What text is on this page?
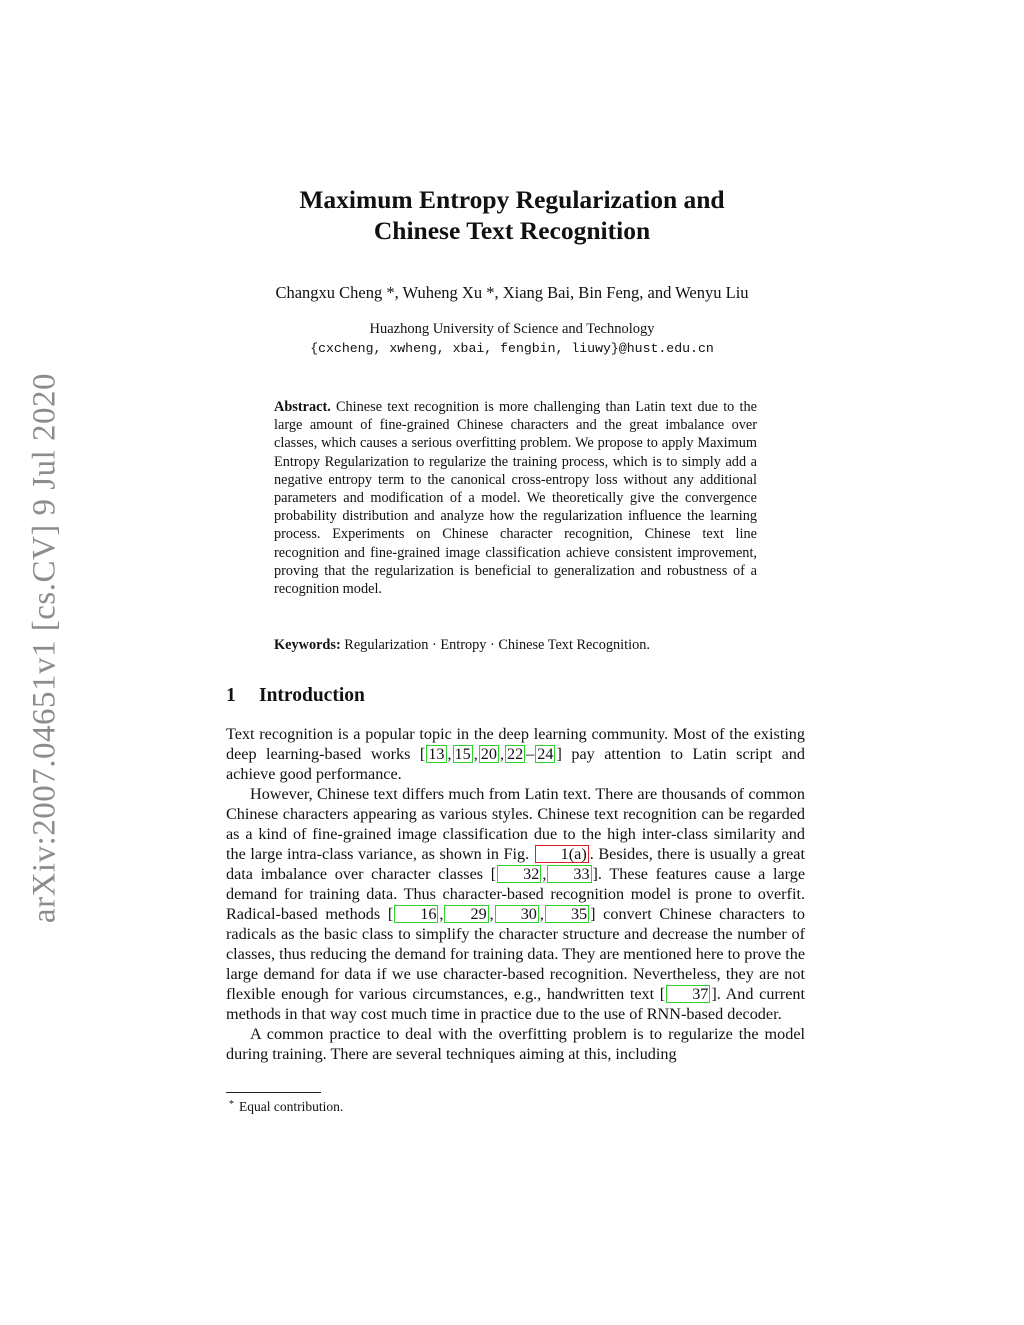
arXiv:2007.04651v1 [cs.CV] 9 Jul 2020
Maximum Entropy Regularization and
Chinese Text Recognition
Changxu Cheng *, Wuheng Xu *, Xiang Bai, Bin Feng, and Wenyu Liu
Huazhong University of Science and Technology
{cxcheng, xwheng, xbai, fengbin, liuwy}@hust.edu.cn
Abstract. Chinese text recognition is more challenging than Latin text due to the large amount of fine-grained Chinese characters and the great imbalance over classes, which causes a serious overfitting problem. We propose to apply Maximum Entropy Regularization to regularize the training process, which is to simply add a negative entropy term to the canonical cross-entropy loss without any additional parameters and modification of a model. We theoretically give the convergence probability distribution and analyze how the regularization influence the learning process. Experiments on Chinese character recognition, Chinese text line recognition and fine-grained image classification achieve consistent improvement, proving that the regularization is beneficial to generalization and robustness of a recognition model.
Keywords: Regularization · Entropy · Chinese Text Recognition.
1 Introduction

Text recognition is a popular topic in the deep learning community. Most of the existing deep learning-based works [ 13 , 15 , 20 , 22 – 24 ] pay attention to Latin script and achieve good performance.

However, Chinese text differs much from Latin text. There are thousands of common Chinese characters appearing as various styles. Chinese text recognition can be regarded as a kind of fine-grained image classification due to the high inter-class similarity and the large intra-class variance, as shown in Fig. 1(a) . Besides, there is usually a great data imbalance over character classes [ 32 , 33 ]. These features cause a large demand for training data. Thus character-based recognition model is prone to overfit. Radical-based methods [ 16 , 29 , 30 , 35 ] convert Chinese characters to radicals as the basic class to simplify the character structure and decrease the number of classes, thus reducing the demand for training data. They are mentioned here to prove the large demand for data if we use character-based recognition. Nevertheless, they are not flexible enough for various circumstances, e.g., handwritten text [ 37 ]. And current methods in that way cost much time in practice due to the use of RNN-based decoder.

A common practice to deal with the overfitting problem is to regularize the model during training. There are several techniques aiming at this, including

* Equal contribution.
